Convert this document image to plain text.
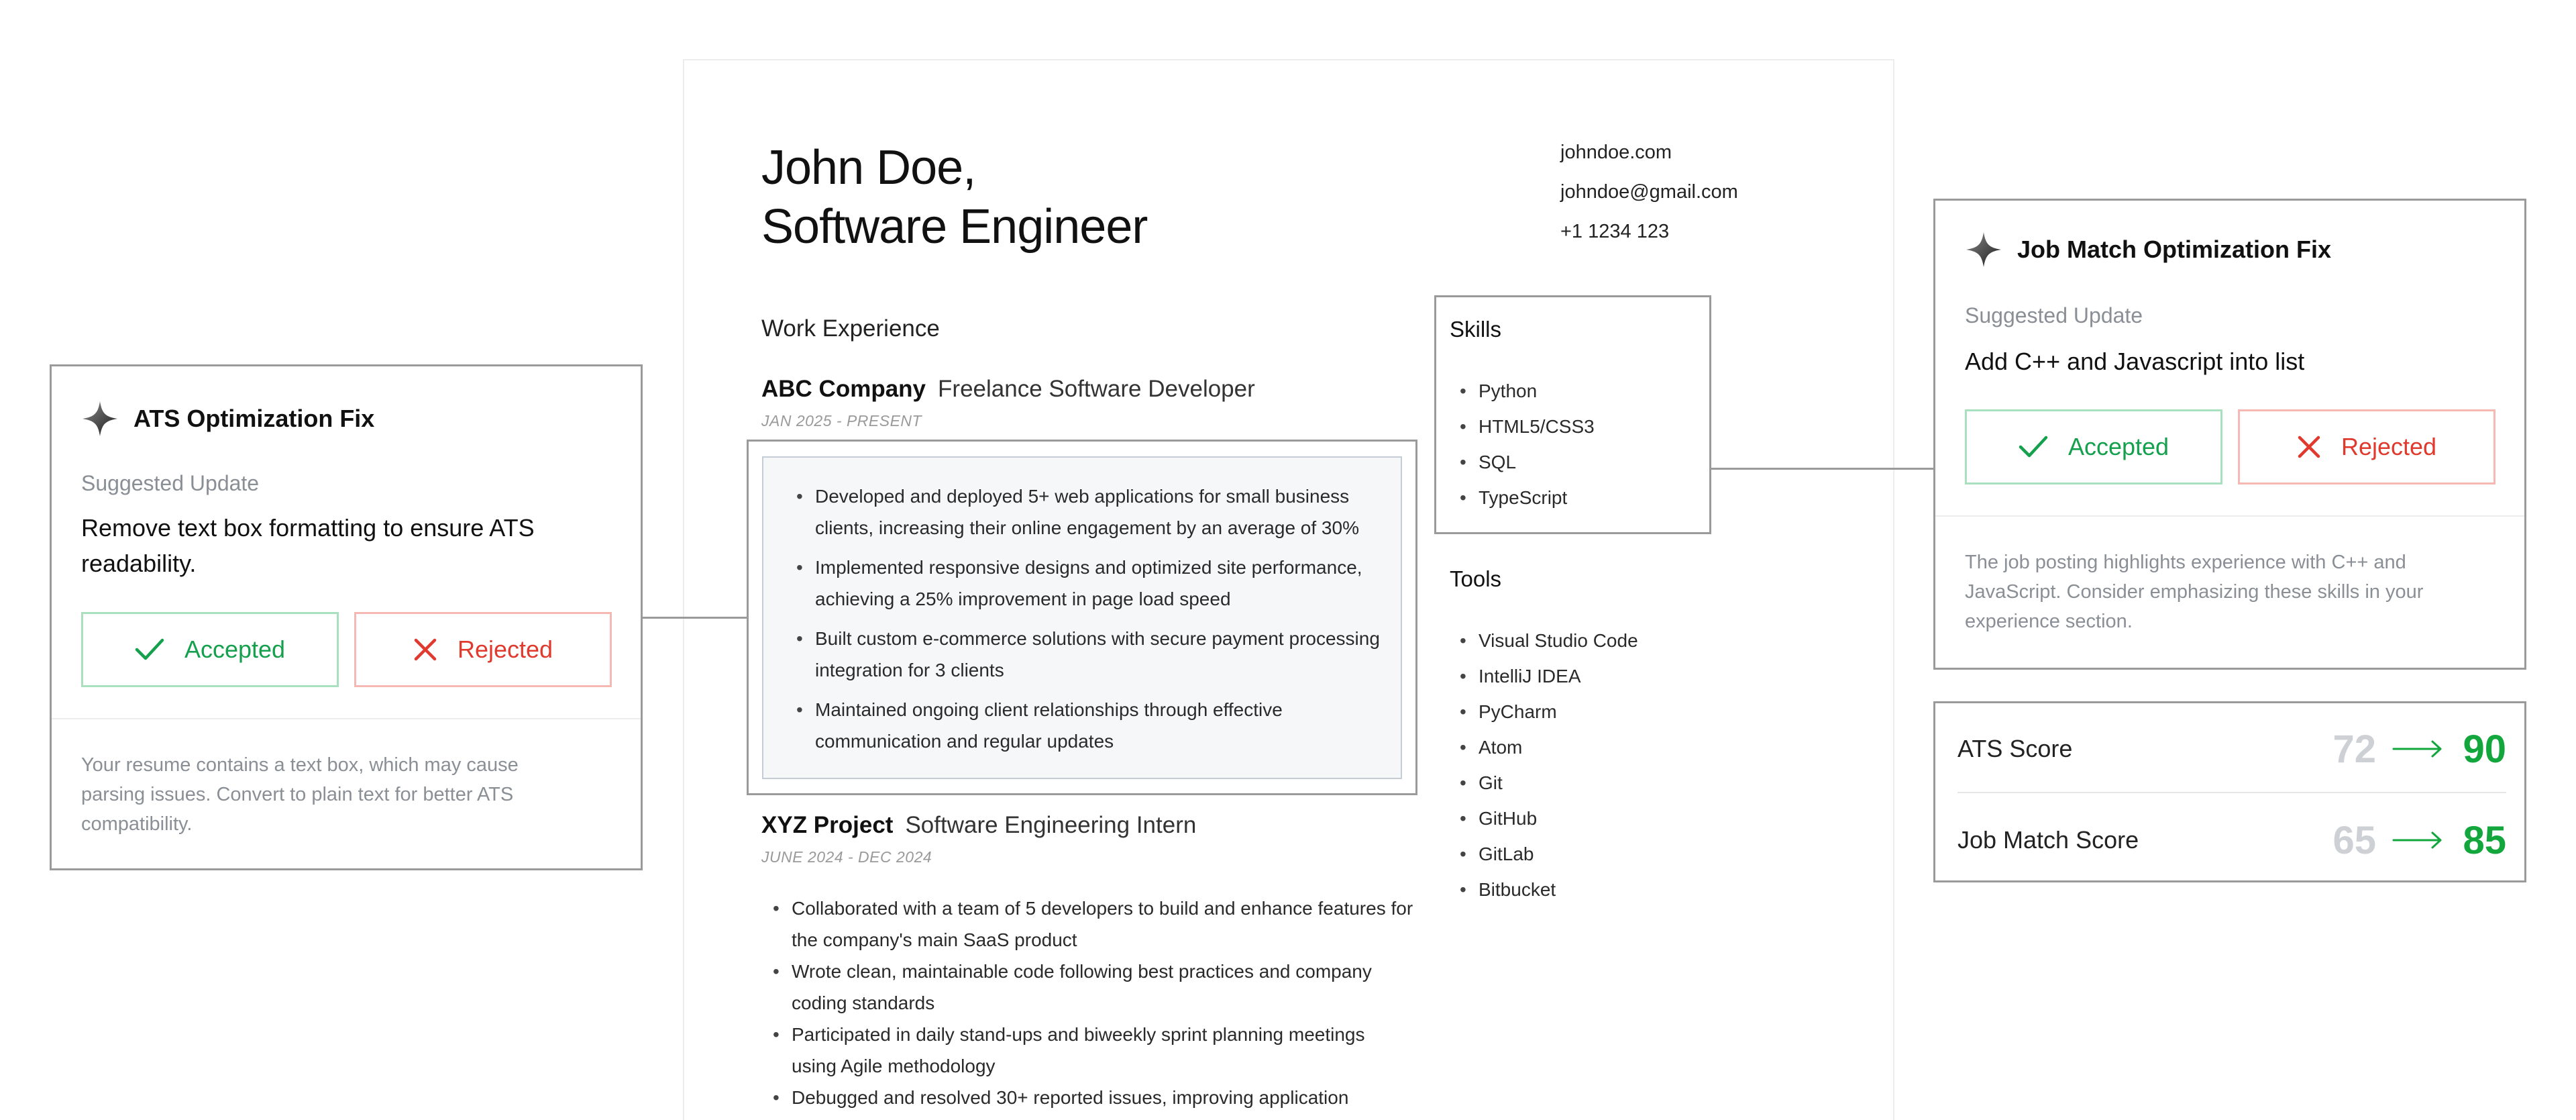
John Doe,
Software Engineer
johndoe.com
johndoe@gmail.com
+1 1234 123
Work Experience
ABC Company Freelance Software Developer
JAN 2025 - PRESENT
• Developed and deployed 5+ web applications for small business
clients, increasing their online engagement by an average of 30%
• Implemented responsive designs and optimized site performance,
achieving a 25% improvement in page load speed
• Built custom e-commerce solutions with secure payment processing
integration for 3 clients
• Maintained ongoing client relationships through effective
communication and regular updates
XYZ Project Software Engineering Intern
JUNE 2024 - DEC 2024
• Collaborated with a team of 5 developers to build and enhance features for
the company's main SaaS product
• Wrote clean, maintainable code following best practices and company
coding standards
• Participated in daily stand-ups and biweekly sprint planning meetings
using Agile methodology
• Debugged and resolved 30+ reported issues, improving application
Skills
• Python
• HTML5/CSS3
• SQL
• TypeScript
Tools
• Visual Studio Code
• IntelliJ IDEA
• PyCharm
• Atom
• Git
• GitHub
• GitLab
• Bitbucket
ATS Optimization Fix
Suggested Update
Remove text box formatting to ensure ATS
readability.
Accepted	Rejected
Your resume contains a text box, which may cause
parsing issues. Convert to plain text for better ATS
compatibility.
Job Match Optimization Fix
Suggested Update
Add C++ and Javascript into list
Accepted	Rejected
The job posting highlights experience with C++ and
JavaScript. Consider emphasizing these skills in your
experience section.
ATS Score	72 90
Job Match Score	65 85
